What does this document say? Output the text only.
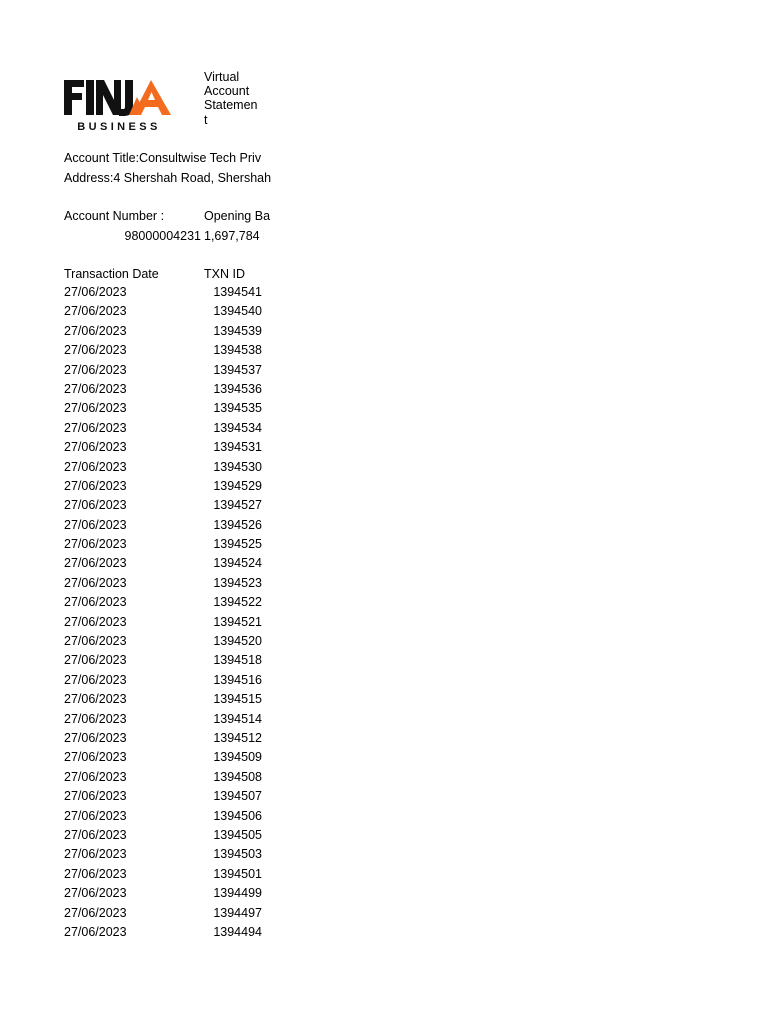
BUSINESS
Virtual
Account
Statemen
t
Account Title:Consultwise Tech Priv
Address:4 Shershah Road, Shershah
Account Number :	Opening Ba
98000004231 1,697,784
Transaction Date	TXN ID
27/06/2023	1394541
27/06/2023	1394540
27/06/2023	1394539
27/06/2023	1394538
27/06/2023	1394537
27/06/2023	1394536
27/06/2023	1394535
27/06/2023	1394534
27/06/2023	1394531
27/06/2023	1394530
27/06/2023	1394529
27/06/2023	1394527
27/06/2023	1394526
27/06/2023	1394525
27/06/2023	1394524
27/06/2023	1394523
27/06/2023	1394522
27/06/2023	1394521
27/06/2023	1394520
27/06/2023	1394518
27/06/2023	1394516
27/06/2023	1394515
27/06/2023	1394514
27/06/2023	1394512
27/06/2023	1394509
27/06/2023	1394508
27/06/2023	1394507
27/06/2023	1394506
27/06/2023	1394505
27/06/2023	1394503
27/06/2023	1394501
27/06/2023	1394499
27/06/2023	1394497
27/06/2023	1394494
